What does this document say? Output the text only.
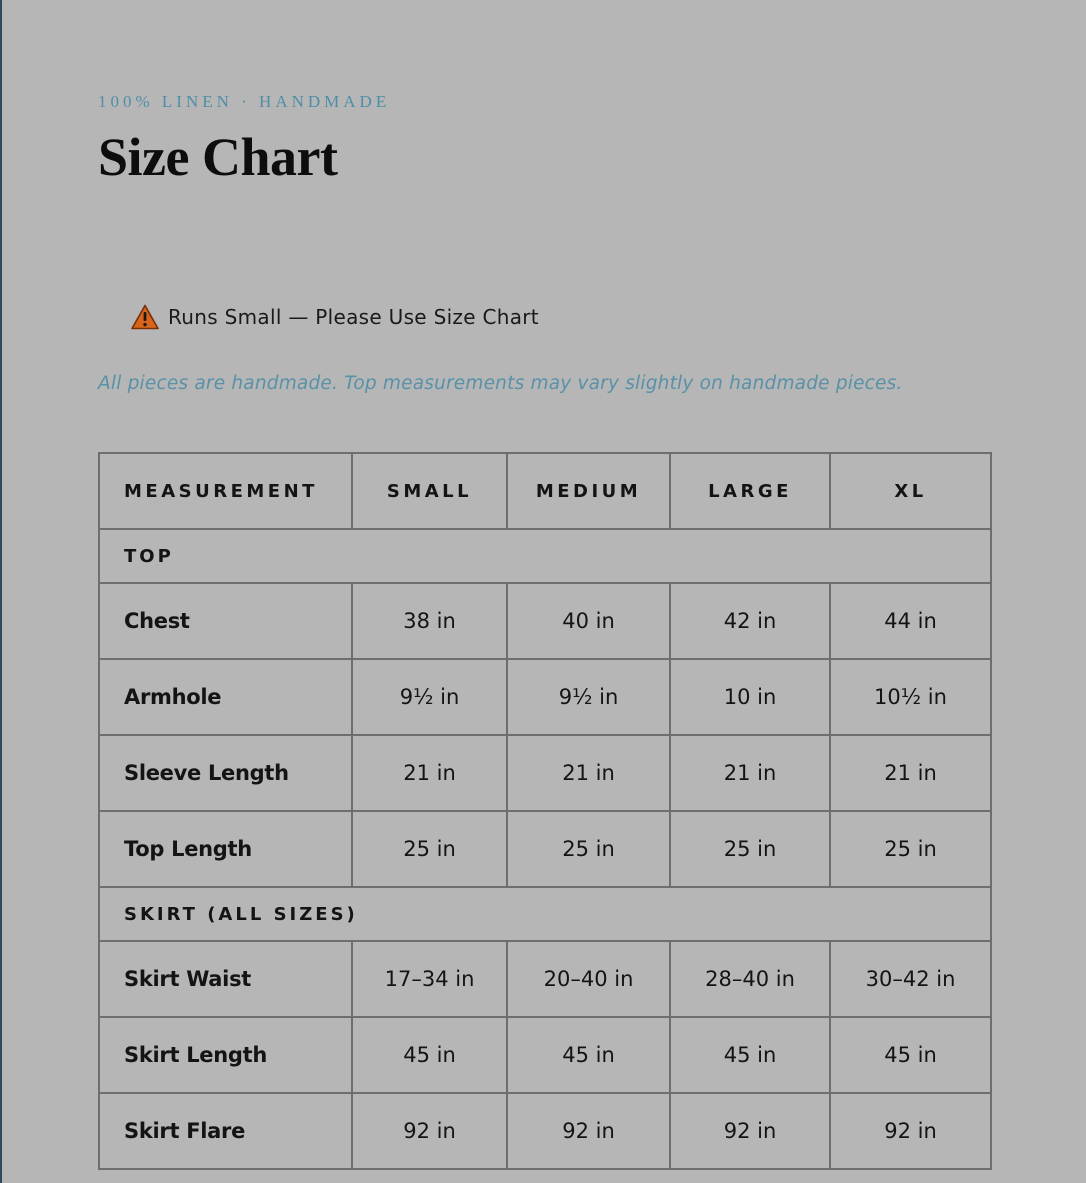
100% LINEN · HANDMADE
Size Chart
Runs Small — Please Use Size Chart
All pieces are handmade. Top measurements may vary slightly on handmade pieces.
MEASUREMENT	SMALL	MEDIUM	LARGE	XL
TOP				
Chest	38 in	40 in	42 in	44 in
Armhole	9½ in	9½ in	10 in	10½ in
Sleeve Length	21 in	21 in	21 in	21 in
Top Length	25 in	25 in	25 in	25 in
SKIRT (ALL SIZES)				
Skirt Waist	17–34 in	20–40 in	28–40 in	30–42 in
Skirt Length	45 in	45 in	45 in	45 in
Skirt Flare	92 in	92 in	92 in	92 in
